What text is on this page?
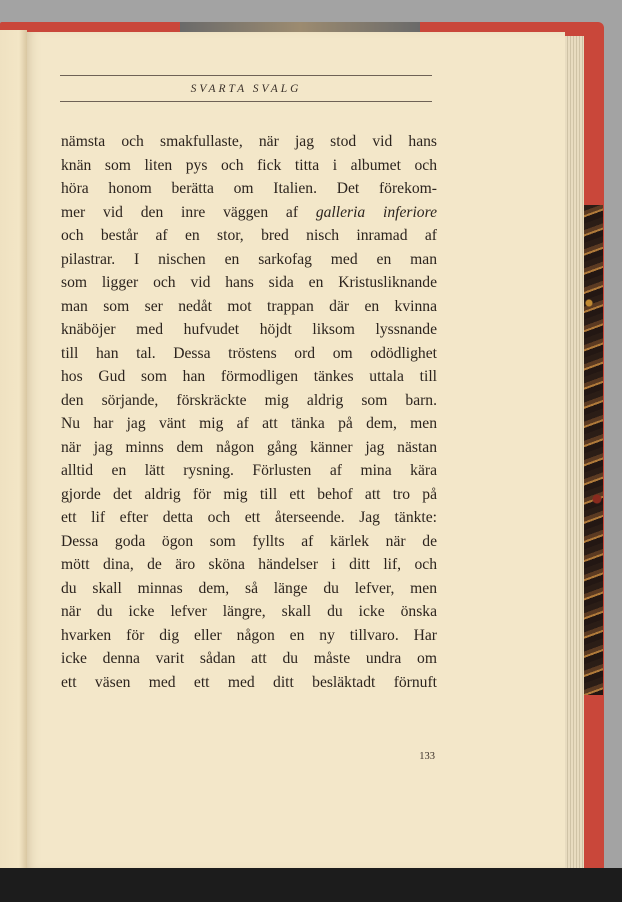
SVARTA SVALG
nämsta och smakfullaste, när jag stod vid hans
knän som liten pys och fick titta i albumet och
höra honom berätta om Italien. Det förekom-
mer vid den inre väggen af galleria inferiore
och består af en stor, bred nisch inramad af
pilastrar. I nischen en sarkofag med en man
som ligger och vid hans sida en Kristusliknande
man som ser nedåt mot trappan där en kvinna
knäböjer med hufvudet höjdt liksom lyssnande
till han tal. Dessa tröstens ord om odödlighet
hos Gud som han förmodligen tänkes uttala till
den sörjande, förskräckte mig aldrig som barn.
Nu har jag vänt mig af att tänka på dem, men
när jag minns dem någon gång känner jag nästan
alltid en lätt rysning. Förlusten af mina kära
gjorde det aldrig för mig till ett behof att tro på
ett lif efter detta och ett återseende. Jag tänkte:
Dessa goda ögon som fyllts af kärlek när de
mött dina, de äro sköna händelser i ditt lif, och
du skall minnas dem, så länge du lefver, men
när du icke lefver längre, skall du icke önska
hvarken för dig eller någon en ny tillvaro. Har
icke denna varit sådan att du måste undra om
ett väsen med ett med ditt besläktadt förnuft
133
